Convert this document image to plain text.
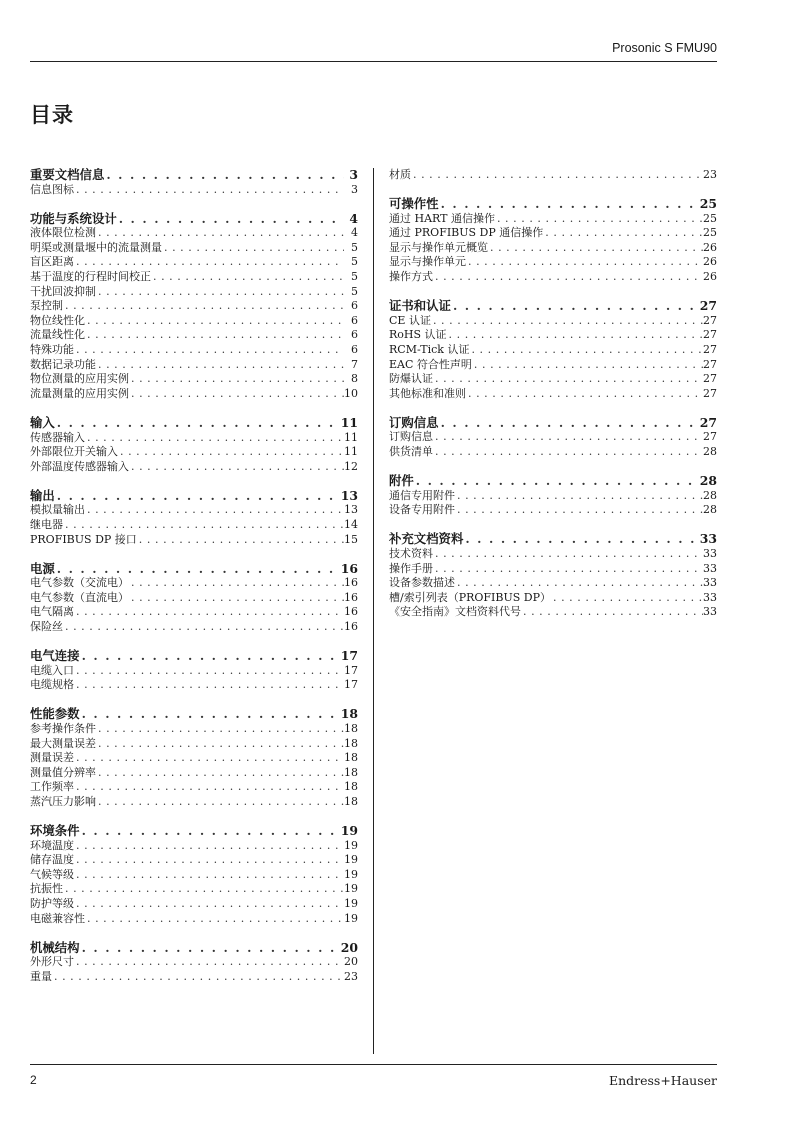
Prosonic S FMU90
目录
重要文档信息 . . .	3
信息图标 . . .	3
功能与系统设计 . . .	4
液体限位检测 . . .	4
明渠或测量堰中的流量测量 . . .	5
盲区距离 . . .	5
基于温度的行程时间校正 . . .	5
干扰回波抑制 . . .	5
泵控制 . . .	6
物位线性化 . . .	6
流量线性化 . . .	6
特殊功能 . . .	6
数据记录功能 . . .	7
物位测量的应用实例 . . .	8
流量测量的应用实例 . . .	10
输入 . . .	11
传感器输入 . . .	11
外部限位开关输入 . . .	11
外部温度传感器输入 . . .	12
输出 . . .	13
模拟量输出 . . .	13
继电器 . . .	14
PROFIBUS DP 接口 . . .	15
电源 . . .	16
电气参数（交流电） . . .	16
电气参数（直流电） . . .	16
电气隔离 . . .	16
保险丝 . . .	16
电气连接 . . .	17
电缆入口 . . .	17
电缆规格 . . .	17
性能参数 . . .	18
参考操作条件 . . .	18
最大测量误差 . . .	18
测量误差 . . .	18
测量值分辨率 . . .	18
工作频率 . . .	18
蒸汽压力影响 . . .	18
环境条件 . . .	19
环境温度 . . .	19
储存温度 . . .	19
气候等级 . . .	19
抗振性 . . .	19
防护等级 . . .	19
电磁兼容性 . . .	19
机械结构 . . .	20
外形尺寸 . . .	20
重量 . . .	23
材质 . . .	23
可操作性 . . .	25
通过 HART 通信操作 . . .	25
通过 PROFIBUS DP 通信操作 . . .	25
显示与操作单元概览 . . .	26
显示与操作单元 . . .	26
操作方式 . . .	26
证书和认证 . . .	27
CE 认证 . . .	27
RoHS 认证 . . .	27
RCM-Tick 认证 . . .	27
EAC 符合性声明 . . .	27
防爆认证 . . .	27
其他标准和准则 . . .	27
订购信息 . . .	27
订购信息 . . .	27
供货清单 . . .	28
附件 . . .	28
通信专用附件 . . .	28
设备专用附件 . . .	28
补充文档资料 . . .	33
技术资料 . . .	33
操作手册 . . .	33
设备参数描述 . . .	33
槽/索引列表（PROFIBUS DP） . . .	33
《安全指南》文档资料代号 . . .	33
2	Endress+Hauser
